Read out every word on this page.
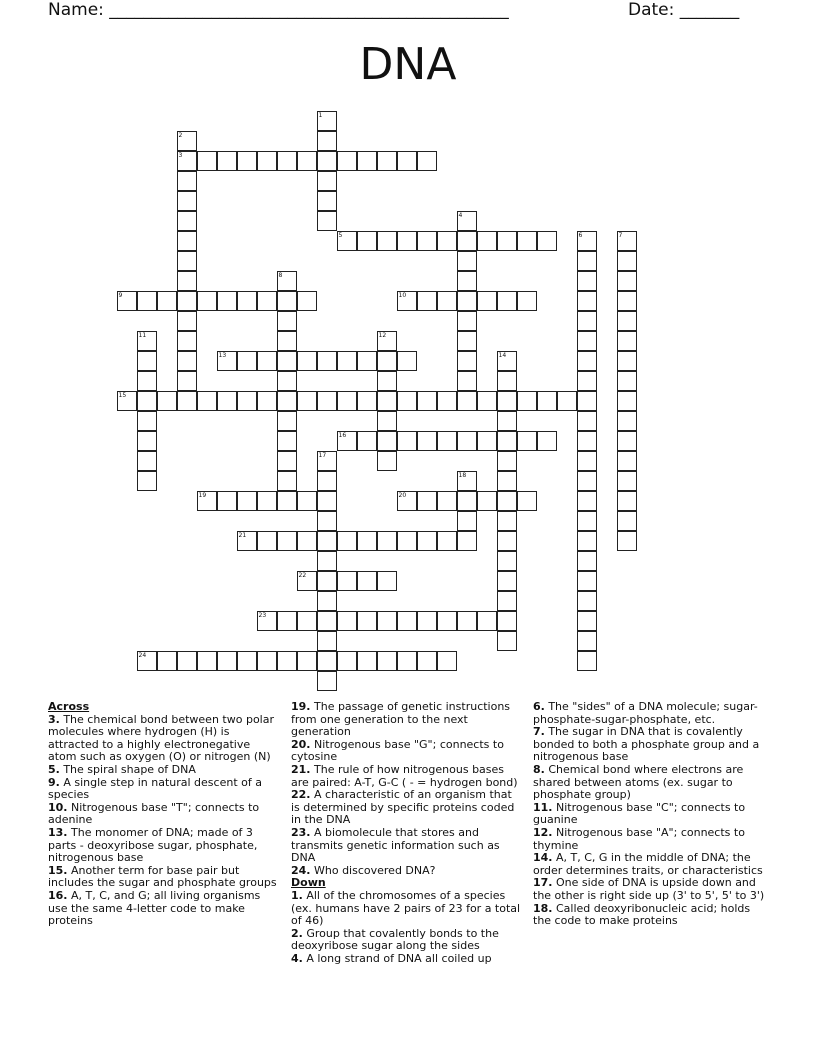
Name: _______________________________________________	Date: _______
DNA
1
2
3
4
5	6	7
8
9	10
11	12
13	14
15
16
17
18
19	20
21
22
23
24
Across
3. The chemical bond between two polar molecules where hydrogen (H) is attracted to a highly electronegative atom such as oxygen (O) or nitrogen (N)
5. The spiral shape of DNA
9. A single step in natural descent of a species
10. Nitrogenous base "T"; connects to adenine
13. The monomer of DNA; made of 3 parts - deoxyribose sugar, phosphate, nitrogenous base
15. Another term for base pair but includes the sugar and phosphate groups
16. A, T, C, and G; all living organisms use the same 4-letter code to make proteins
19. The passage of genetic instructions from one generation to the next generation
20. Nitrogenous base "G"; connects to cytosine
21. The rule of how nitrogenous bases are paired: A-T, G-C ( - = hydrogen bond)
22. A characteristic of an organism that is determined by specific proteins coded in the DNA
23. A biomolecule that stores and transmits genetic information such as DNA
24. Who discovered DNA?
Down
1. All of the chromosomes of a species (ex. humans have 2 pairs of 23 for a total of 46)
2. Group that covalently bonds to the deoxyribose sugar along the sides
4. A long strand of DNA all coiled up
6. The "sides" of a DNA molecule; sugar-phosphate-sugar-phosphate, etc.
7. The sugar in DNA that is covalently bonded to both a phosphate group and a nitrogenous base
8. Chemical bond where electrons are shared between atoms (ex. sugar to phosphate group)
11. Nitrogenous base "C"; connects to guanine
12. Nitrogenous base "A"; connects to thymine
14. A, T, C, G in the middle of DNA; the order determines traits, or characteristics
17. One side of DNA is upside down and the other is right side up (3' to 5', 5' to 3')
18. Called deoxyribonucleic acid; holds the code to make proteins
